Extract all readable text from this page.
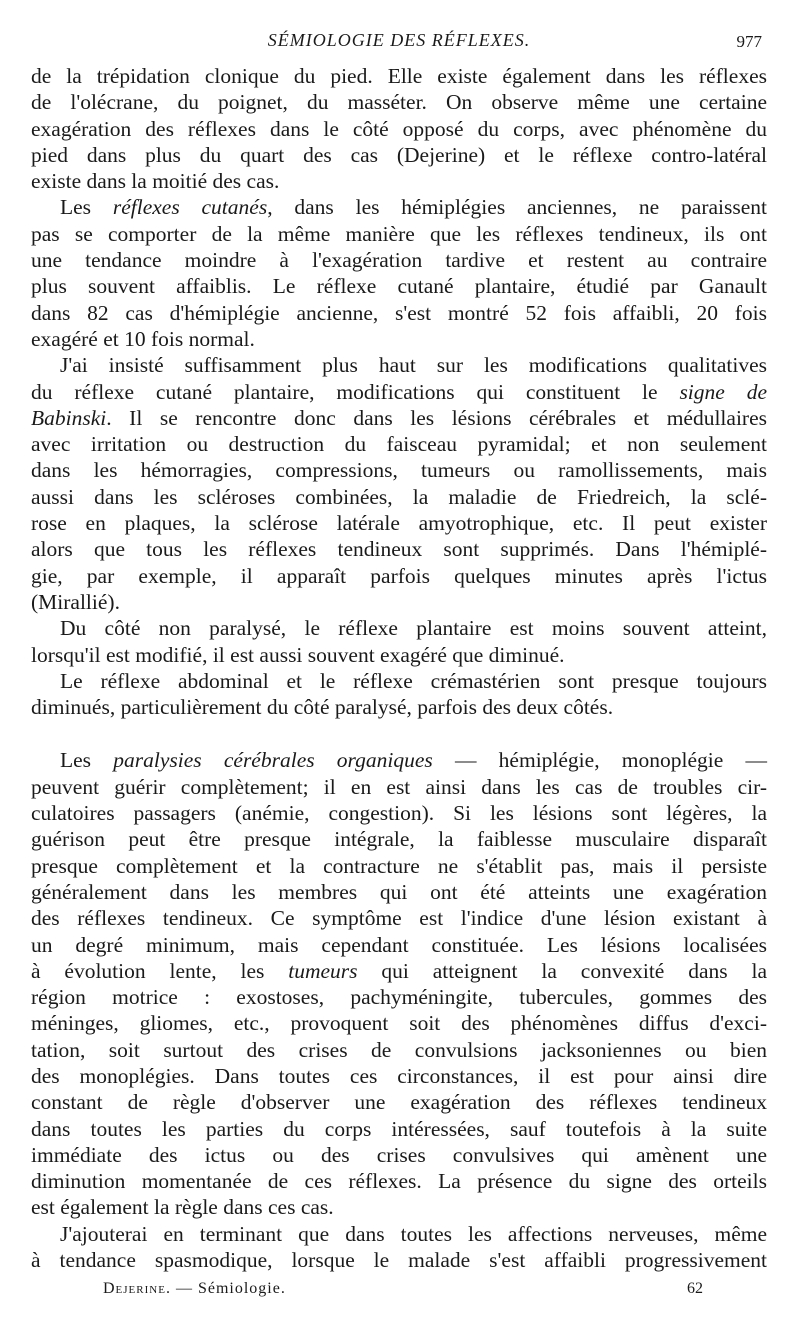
SÉMIOLOGIE DES RÉFLEXES.	977

de la trépidation clonique du pied. Elle existe également dans les réflexes

de l'olécrane, du poignet, du masséter. On observe même une certaine

exagération des réflexes dans le côté opposé du corps, avec phénomène du

pied dans plus du quart des cas (Dejerine) et le réflexe contro-latéral

existe dans la moitié des cas.

Les réflexes cutanés, dans les hémiplégies anciennes, ne paraissent

pas se comporter de la même manière que les réflexes tendineux, ils ont

une tendance moindre à l'exagération tardive et restent au contraire

plus souvent affaiblis. Le réflexe cutané plantaire, étudié par Ganault

dans 82 cas d'hémiplégie ancienne, s'est montré 52 fois affaibli, 20 fois

exagéré et 10 fois normal.

J'ai insisté suffisamment plus haut sur les modifications qualitatives

du réflexe cutané plantaire, modifications qui constituent le signe de

Babinski. Il se rencontre donc dans les lésions cérébrales et médullaires

avec irritation ou destruction du faisceau pyramidal; et non seulement

dans les hémorragies, compressions, tumeurs ou ramollissements, mais

aussi dans les scléroses combinées, la maladie de Friedreich, la sclé-

rose en plaques, la sclérose latérale amyotrophique, etc. Il peut exister

alors que tous les réflexes tendineux sont supprimés. Dans l'hémiplé-

gie, par exemple, il apparaît parfois quelques minutes après l'ictus

(Mirallié).

Du côté non paralysé, le réflexe plantaire est moins souvent atteint,

lorsqu'il est modifié, il est aussi souvent exagéré que diminué.

Le réflexe abdominal et le réflexe crémastérien sont presque toujours

diminués, particulièrement du côté paralysé, parfois des deux côtés.

Les paralysies cérébrales organiques — hémiplégie, monoplégie —

peuvent guérir complètement; il en est ainsi dans les cas de troubles cir-

culatoires passagers (anémie, congestion). Si les lésions sont légères, la

guérison peut être presque intégrale, la faiblesse musculaire disparaît

presque complètement et la contracture ne s'établit pas, mais il persiste

généralement dans les membres qui ont été atteints une exagération

des réflexes tendineux. Ce symptôme est l'indice d'une lésion existant à

un degré minimum, mais cependant constituée. Les lésions localisées

à évolution lente, les tumeurs qui atteignent la convexité dans la

région motrice : exostoses, pachyméningite, tubercules, gommes des

méninges, gliomes, etc., provoquent soit des phénomènes diffus d'exci-

tation, soit surtout des crises de convulsions jacksoniennes ou bien

des monoplégies. Dans toutes ces circonstances, il est pour ainsi dire

constant de règle d'observer une exagération des réflexes tendineux

dans toutes les parties du corps intéressées, sauf toutefois à la suite

immédiate des ictus ou des crises convulsives qui amènent une

diminution momentanée de ces réflexes. La présence du signe des orteils

est également la règle dans ces cas.

J'ajouterai en terminant que dans toutes les affections nerveuses, même

à tendance spasmodique, lorsque le malade s'est affaibli progressivement

Dejerine. — Sémiologie.	62
